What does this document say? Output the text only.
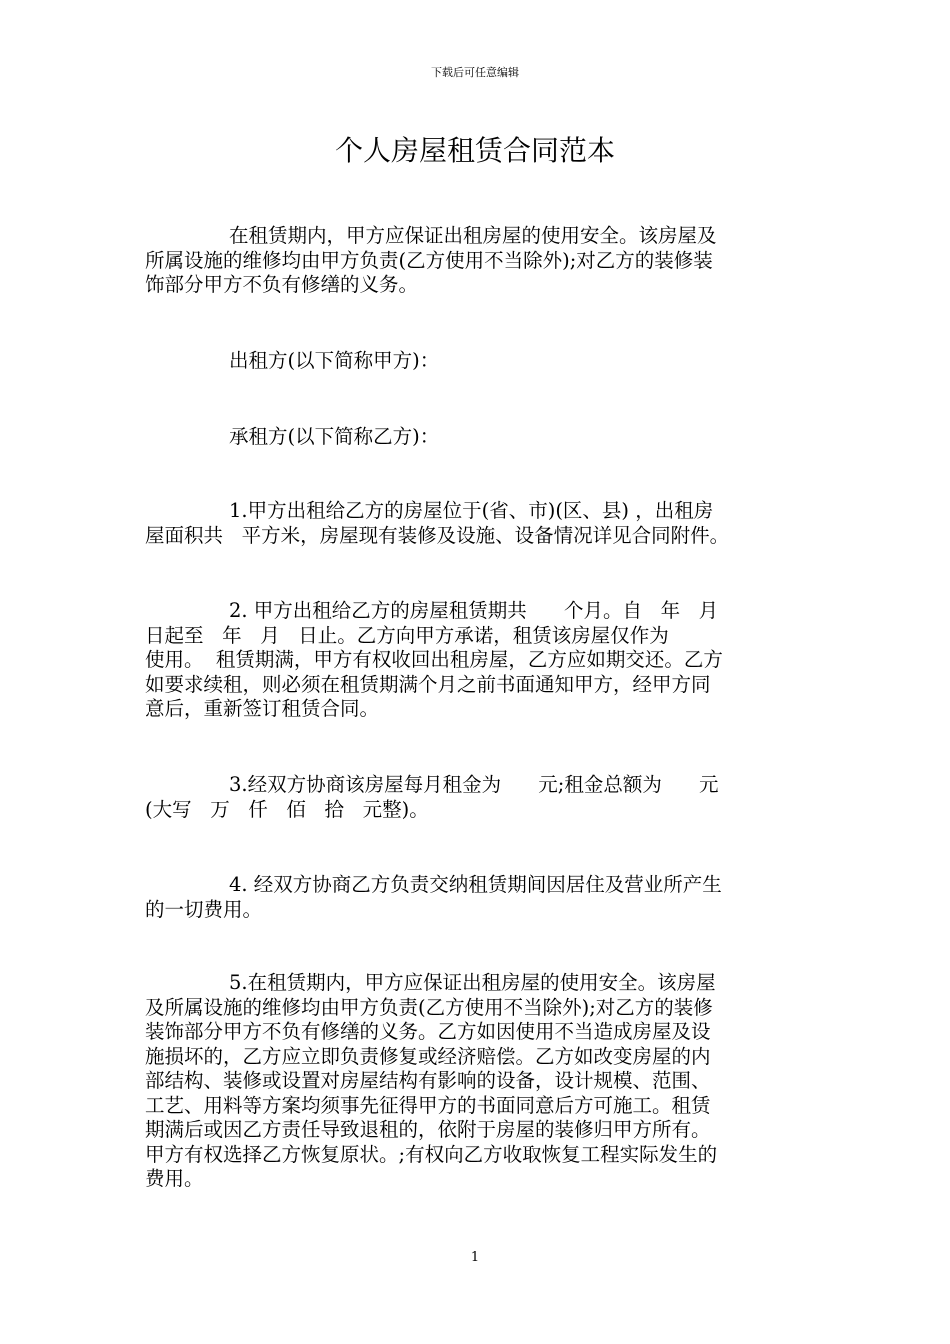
下载后可任意编辑
个人房屋租赁合同范本
在租赁期内，甲方应保证出租房屋的使用安全。该房屋及
所属设施的维修均由甲方负责(乙方使用不当除外);对乙方的装修装
饰部分甲方不负有修缮的义务。
出租方(以下简称甲方)：
承租方(以下简称乙方)：
1.甲方出租给乙方的房屋位于(省、市)(区、县) ，出租房
屋面积共   平方米，房屋现有装修及设施、设备情况详见合同附件。
2. 甲方出租给乙方的房屋租赁期共      个月。自   年   月
日起至   年   月   日止。乙方向甲方承诺，租赁该房屋仅作为
使用。  租赁期满，甲方有权收回出租房屋，乙方应如期交还。乙方
如要求续租，则必须在租赁期满个月之前书面通知甲方，经甲方同
意后，重新签订租赁合同。
3.经双方协商该房屋每月租金为      元;租金总额为      元
(大写   万   仟   佰   拾   元整)。
4. 经双方协商乙方负责交纳租赁期间因居住及营业所产生
的一切费用。
5.在租赁期内，甲方应保证出租房屋的使用安全。该房屋
及所属设施的维修均由甲方负责(乙方使用不当除外);对乙方的装修
装饰部分甲方不负有修缮的义务。乙方如因使用不当造成房屋及设
施损坏的，乙方应立即负责修复或经济赔偿。乙方如改变房屋的内
部结构、装修或设置对房屋结构有影响的设备，设计规模、范围、
工艺、用料等方案均须事先征得甲方的书面同意后方可施工。租赁
期满后或因乙方责任导致退租的，依附于房屋的装修归甲方所有。
甲方有权选择乙方恢复原状。;有权向乙方收取恢复工程实际发生的
费用。
1
